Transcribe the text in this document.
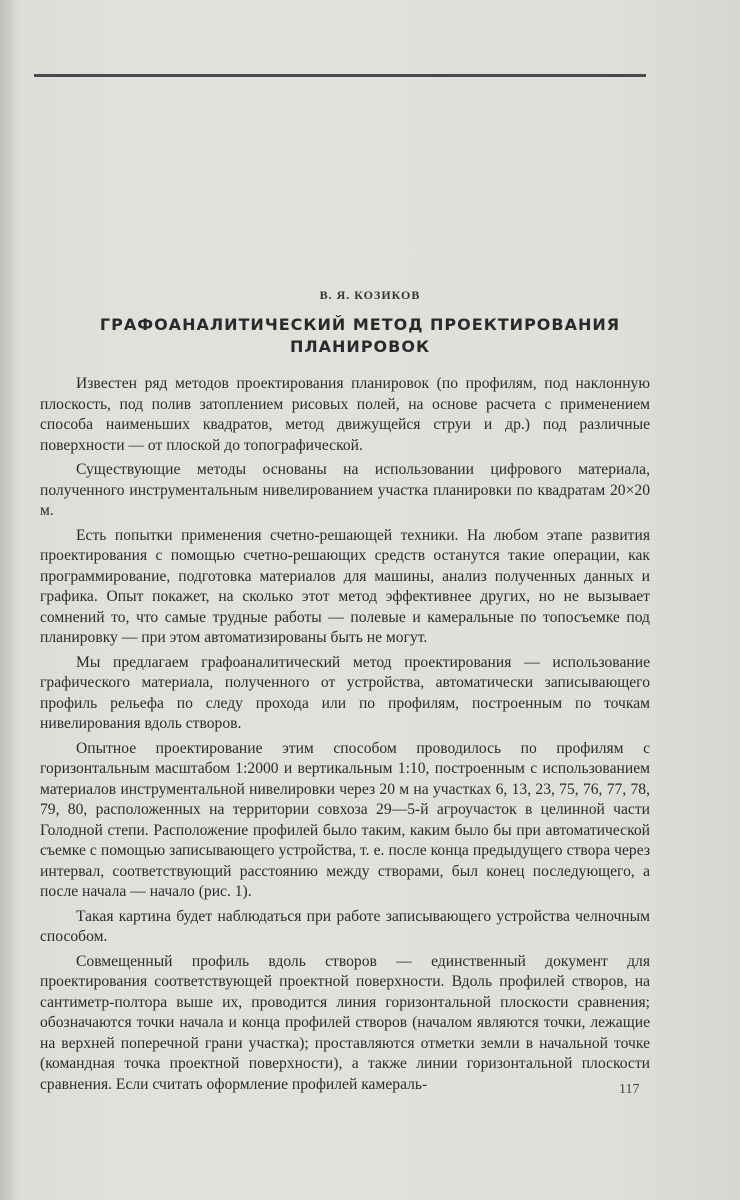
В. Я. КОЗИКОВ
ГРАФОАНАЛИТИЧЕСКИЙ МЕТОД ПРОЕКТИРОВАНИЯ ПЛАНИРОВОК

Известен ряд методов проектирования планировок (по профилям, под наклонную плоскость, под полив затоплением рисовых полей, на основе расчета с применением способа наименьших квадратов, метод движущейся струи и др.) под различные поверхности — от плоской до топографической.

Существующие методы основаны на использовании цифрового материала, полученного инструментальным нивелированием участка планировки по квадратам 20×20 м.

Есть попытки применения счетно-решающей техники. На любом этапе развития проектирования с помощью счетно-решающих средств останутся такие операции, как программирование, подготовка материалов для машины, анализ полученных данных и графика. Опыт покажет, на сколько этот метод эффективнее других, но не вызывает сомнений то, что самые трудные работы — полевые и камеральные по топосъемке под планировку — при этом автоматизированы быть не могут.

Мы предлагаем графоаналитический метод проектирования — использование графического материала, полученного от устройства, автоматически записывающего профиль рельефа по следу прохода или по профилям, построенным по точкам нивелирования вдоль створов.

Опытное проектирование этим способом проводилось по профилям с горизонтальным масштабом 1:2000 и вертикальным 1:10, построенным с использованием материалов инструментальной нивелировки через 20 м на участках 6, 13, 23, 75, 76, 77, 78, 79, 80, расположенных на территории совхоза 29—5-й агроучасток в целинной части Голодной степи. Расположение профилей было таким, каким было бы при автоматической съемке с помощью записывающего устройства, т. е. после конца предыдущего створа через интервал, соответствующий расстоянию между створами, был конец последующего, а после начала — начало (рис. 1).

Такая картина будет наблюдаться при работе записывающего устройства челночным способом.

Совмещенный профиль вдоль створов — единственный документ для проектирования соответствующей проектной поверхности. Вдоль профилей створов, на сантиметр-полтора выше их, проводится линия горизонтальной плоскости сравнения; обозначаются точки начала и конца профилей створов (началом являются точки, лежащие на верхней поперечной грани участка); проставляются отметки земли в начальной точке (командная точка проектной поверхности), а также линии горизонтальной плоскости сравнения. Если считать оформление профилей камераль-	117
